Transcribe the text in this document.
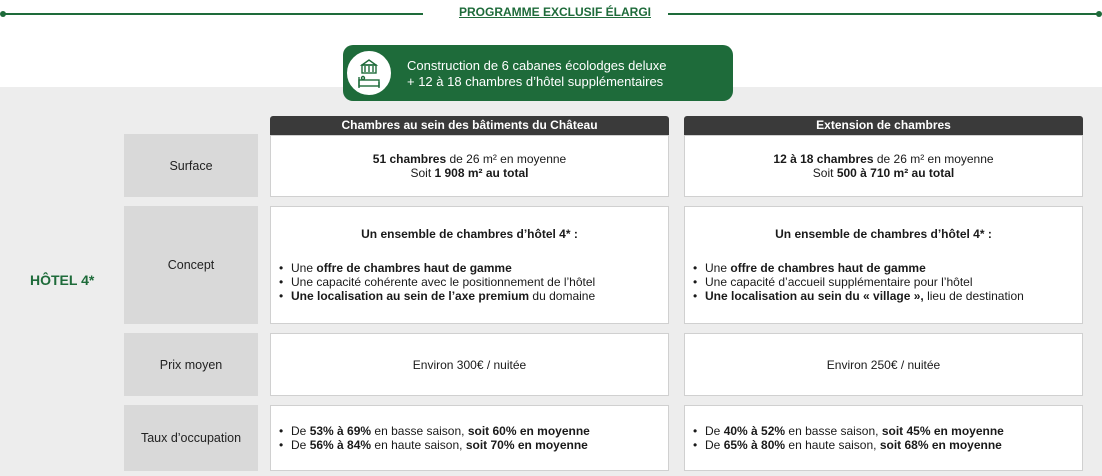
PROGRAMME EXCLUSIF ÉLARGI
Construction de 6 cabanes écolodges deluxe
+ 12 à 18 chambres d’hôtel supplémentaires
HÔTEL 4*
Chambres au sein des bâtiments du Château	Extension de chambres
Surface	51 chambres de 26 m² en moyenne
Soit 1 908 m² au total
12 à 18 chambres de 26 m² en moyenne
Soit 500 à 710 m² au total
Concept
Un ensemble de chambres d’hôtel 4* :
• Une offre de chambres haut de gamme
• Une capacité cohérente avec le positionnement de l’hôtel
• Une localisation au sein de l’axe premium du domaine
Un ensemble de chambres d’hôtel 4* :
• Une offre de chambres haut de gamme
• Une capacité d’accueil supplémentaire pour l’hôtel
• Une localisation au sein du « village », lieu de destination
Prix moyen	Environ 300€ / nuitée	Environ 250€ / nuitée
Taux d’occupation
•	De 53% à 69% en basse saison, soit 60% en moyenne
• De 56% à 84% en haute saison, soit 70% en moyenne
• De 40% à 52% en basse saison, soit 45% en moyenne
• De 65% à 80% en haute saison, soit 68% en moyenne
